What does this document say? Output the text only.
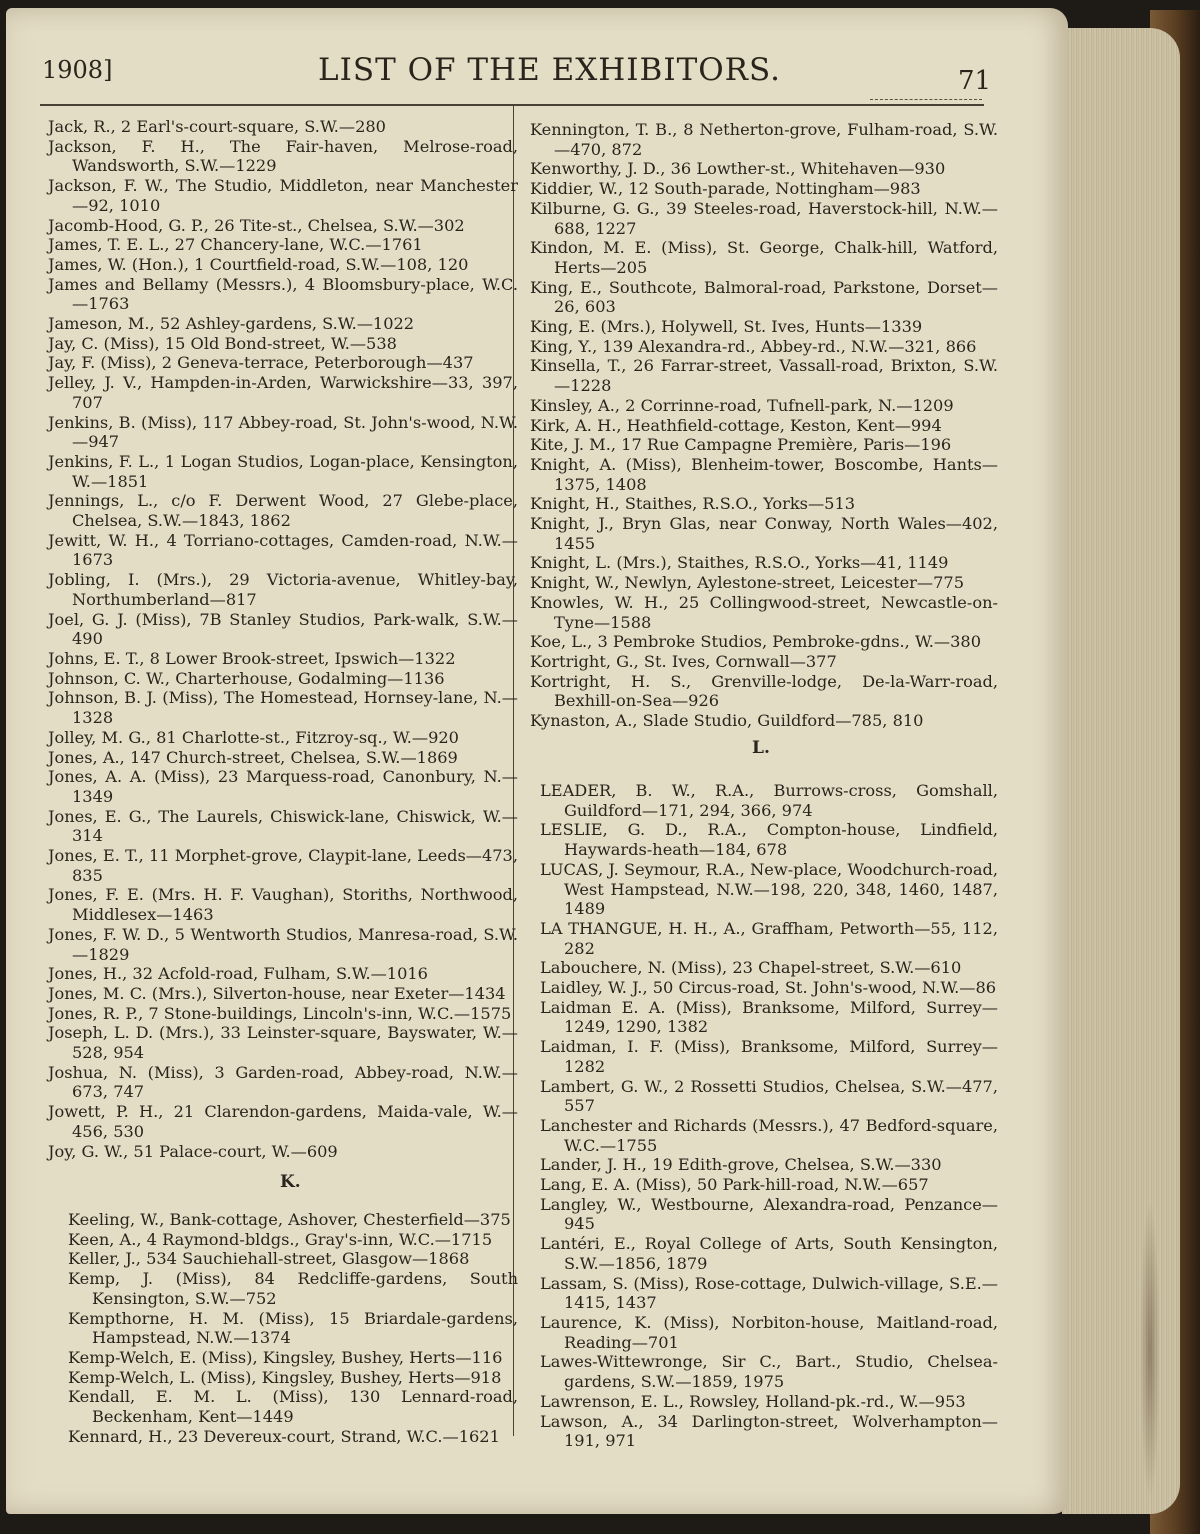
1908]	LIST OF THE EXHIBITORS.	71
Jack, R., 2 Earl's-court-square, S.W.—280
Jackson, F. H., The Fair-haven, Melrose-road, Wandsworth, S.W.—1229
Jackson, F. W., The Studio, Middleton, near Manchester—92, 1010
Jacomb-Hood, G. P., 26 Tite-st., Chelsea, S.W.—302
James, T. E. L., 27 Chancery-lane, W.C.—1761
James, W. (Hon.), 1 Courtfield-road, S.W.—108, 120
James and Bellamy (Messrs.), 4 Bloomsbury-place, W.C.—1763
Jameson, M., 52 Ashley-gardens, S.W.—1022
Jay, C. (Miss), 15 Old Bond-street, W.—538
Jay, F. (Miss), 2 Geneva-terrace, Peterborough—437
Jelley, J. V., Hampden-in-Arden, Warwickshire—33, 397, 707
Jenkins, B. (Miss), 117 Abbey-road, St. John's-wood, N.W.—947
Jenkins, F. L., 1 Logan Studios, Logan-place, Kensington, W.—1851
Jennings, L., c/o F. Derwent Wood, 27 Glebe-place, Chelsea, S.W.—1843, 1862
Jewitt, W. H., 4 Torriano-cottages, Camden-road, N.W.—1673
Jobling, I. (Mrs.), 29 Victoria-avenue, Whitley-bay, Northumberland—817
Joel, G. J. (Miss), 7B Stanley Studios, Park-walk, S.W.—490
Johns, E. T., 8 Lower Brook-street, Ipswich—1322
Johnson, C. W., Charterhouse, Godalming—1136
Johnson, B. J. (Miss), The Homestead, Hornsey-lane, N.—1328
Jolley, M. G., 81 Charlotte-st., Fitzroy-sq., W.—920
Jones, A., 147 Church-street, Chelsea, S.W.—1869
Jones, A. A. (Miss), 23 Marquess-road, Canonbury, N.—1349
Jones, E. G., The Laurels, Chiswick-lane, Chiswick, W.—314
Jones, E. T., 11 Morphet-grove, Claypit-lane, Leeds—473, 835
Jones, F. E. (Mrs. H. F. Vaughan), Storiths, Northwood, Middlesex—1463
Jones, F. W. D., 5 Wentworth Studios, Manresa-road, S.W.—1829
Jones, H., 32 Acfold-road, Fulham, S.W.—1016
Jones, M. C. (Mrs.), Silverton-house, near Exeter—1434
Jones, R. P., 7 Stone-buildings, Lincoln's-inn, W.C.—1575
Joseph, L. D. (Mrs.), 33 Leinster-square, Bayswater, W.—528, 954
Joshua, N. (Miss), 3 Garden-road, Abbey-road, N.W.—673, 747
Jowett, P. H., 21 Clarendon-gardens, Maida-vale, W.—456, 530
Joy, G. W., 51 Palace-court, W.—609
K.
Keeling, W., Bank-cottage, Ashover, Chesterfield—375
Keen, A., 4 Raymond-bldgs., Gray's-inn, W.C.—1715
Keller, J., 534 Sauchiehall-street, Glasgow—1868
Kemp, J. (Miss), 84 Redcliffe-gardens, South Kensington, S.W.—752
Kempthorne, H. M. (Miss), 15 Briardale-gardens, Hampstead, N.W.—1374
Kemp-Welch, E. (Miss), Kingsley, Bushey, Herts—116
Kemp-Welch, L. (Miss), Kingsley, Bushey, Herts—918
Kendall, E. M. L. (Miss), 130 Lennard-road, Beckenham, Kent—1449
Kennard, H., 23 Devereux-court, Strand, W.C.—1621
Kennington, T. B., 8 Netherton-grove, Fulham-road, S.W.—470, 872
Kenworthy, J. D., 36 Lowther-st., Whitehaven—930
Kiddier, W., 12 South-parade, Nottingham—983
Kilburne, G. G., 39 Steeles-road, Haverstock-hill, N.W.—688, 1227
Kindon, M. E. (Miss), St. George, Chalk-hill, Watford, Herts—205
King, E., Southcote, Balmoral-road, Parkstone, Dorset—26, 603
King, E. (Mrs.), Holywell, St. Ives, Hunts—1339
King, Y., 139 Alexandra-rd., Abbey-rd., N.W.—321, 866
Kinsella, T., 26 Farrar-street, Vassall-road, Brixton, S.W.—1228
Kinsley, A., 2 Corrinne-road, Tufnell-park, N.—1209
Kirk, A. H., Heathfield-cottage, Keston, Kent—994
Kite, J. M., 17 Rue Campagne Première, Paris—196
Knight, A. (Miss), Blenheim-tower, Boscombe, Hants—1375, 1408
Knight, H., Staithes, R.S.O., Yorks—513
Knight, J., Bryn Glas, near Conway, North Wales—402, 1455
Knight, L. (Mrs.), Staithes, R.S.O., Yorks—41, 1149
Knight, W., Newlyn, Aylestone-street, Leicester—775
Knowles, W. H., 25 Collingwood-street, Newcastle-on-Tyne—1588
Koe, L., 3 Pembroke Studios, Pembroke-gdns., W.—380
Kortright, G., St. Ives, Cornwall—377
Kortright, H. S., Grenville-lodge, De-la-Warr-road, Bexhill-on-Sea—926
Kynaston, A., Slade Studio, Guildford—785, 810
L.
LEADER, B. W., R.A., Burrows-cross, Gomshall, Guildford—171, 294, 366, 974
LESLIE, G. D., R.A., Compton-house, Lindfield, Haywards-heath—184, 678
LUCAS, J. Seymour, R.A., New-place, Woodchurch-road, West Hampstead, N.W.—198, 220, 348, 1460, 1487, 1489
LA THANGUE, H. H., A., Graffham, Petworth—55, 112, 282
Labouchere, N. (Miss), 23 Chapel-street, S.W.—610
Laidley, W. J., 50 Circus-road, St. John's-wood, N.W.—86
Laidman E. A. (Miss), Branksome, Milford, Surrey—1249, 1290, 1382
Laidman, I. F. (Miss), Branksome, Milford, Surrey—1282
Lambert, G. W., 2 Rossetti Studios, Chelsea, S.W.—477, 557
Lanchester and Richards (Messrs.), 47 Bedford-square, W.C.—1755
Lander, J. H., 19 Edith-grove, Chelsea, S.W.—330
Lang, E. A. (Miss), 50 Park-hill-road, N.W.—657
Langley, W., Westbourne, Alexandra-road, Penzance—945
Lantéri, E., Royal College of Arts, South Kensington, S.W.—1856, 1879
Lassam, S. (Miss), Rose-cottage, Dulwich-village, S.E.—1415, 1437
Laurence, K. (Miss), Norbiton-house, Maitland-road, Reading—701
Lawes-Wittewronge, Sir C., Bart., Studio, Chelsea-gardens, S.W.—1859, 1975
Lawrenson, E. L., Rowsley, Holland-pk.-rd., W.—953
Lawson, A., 34 Darlington-street, Wolverhampton—191, 971
